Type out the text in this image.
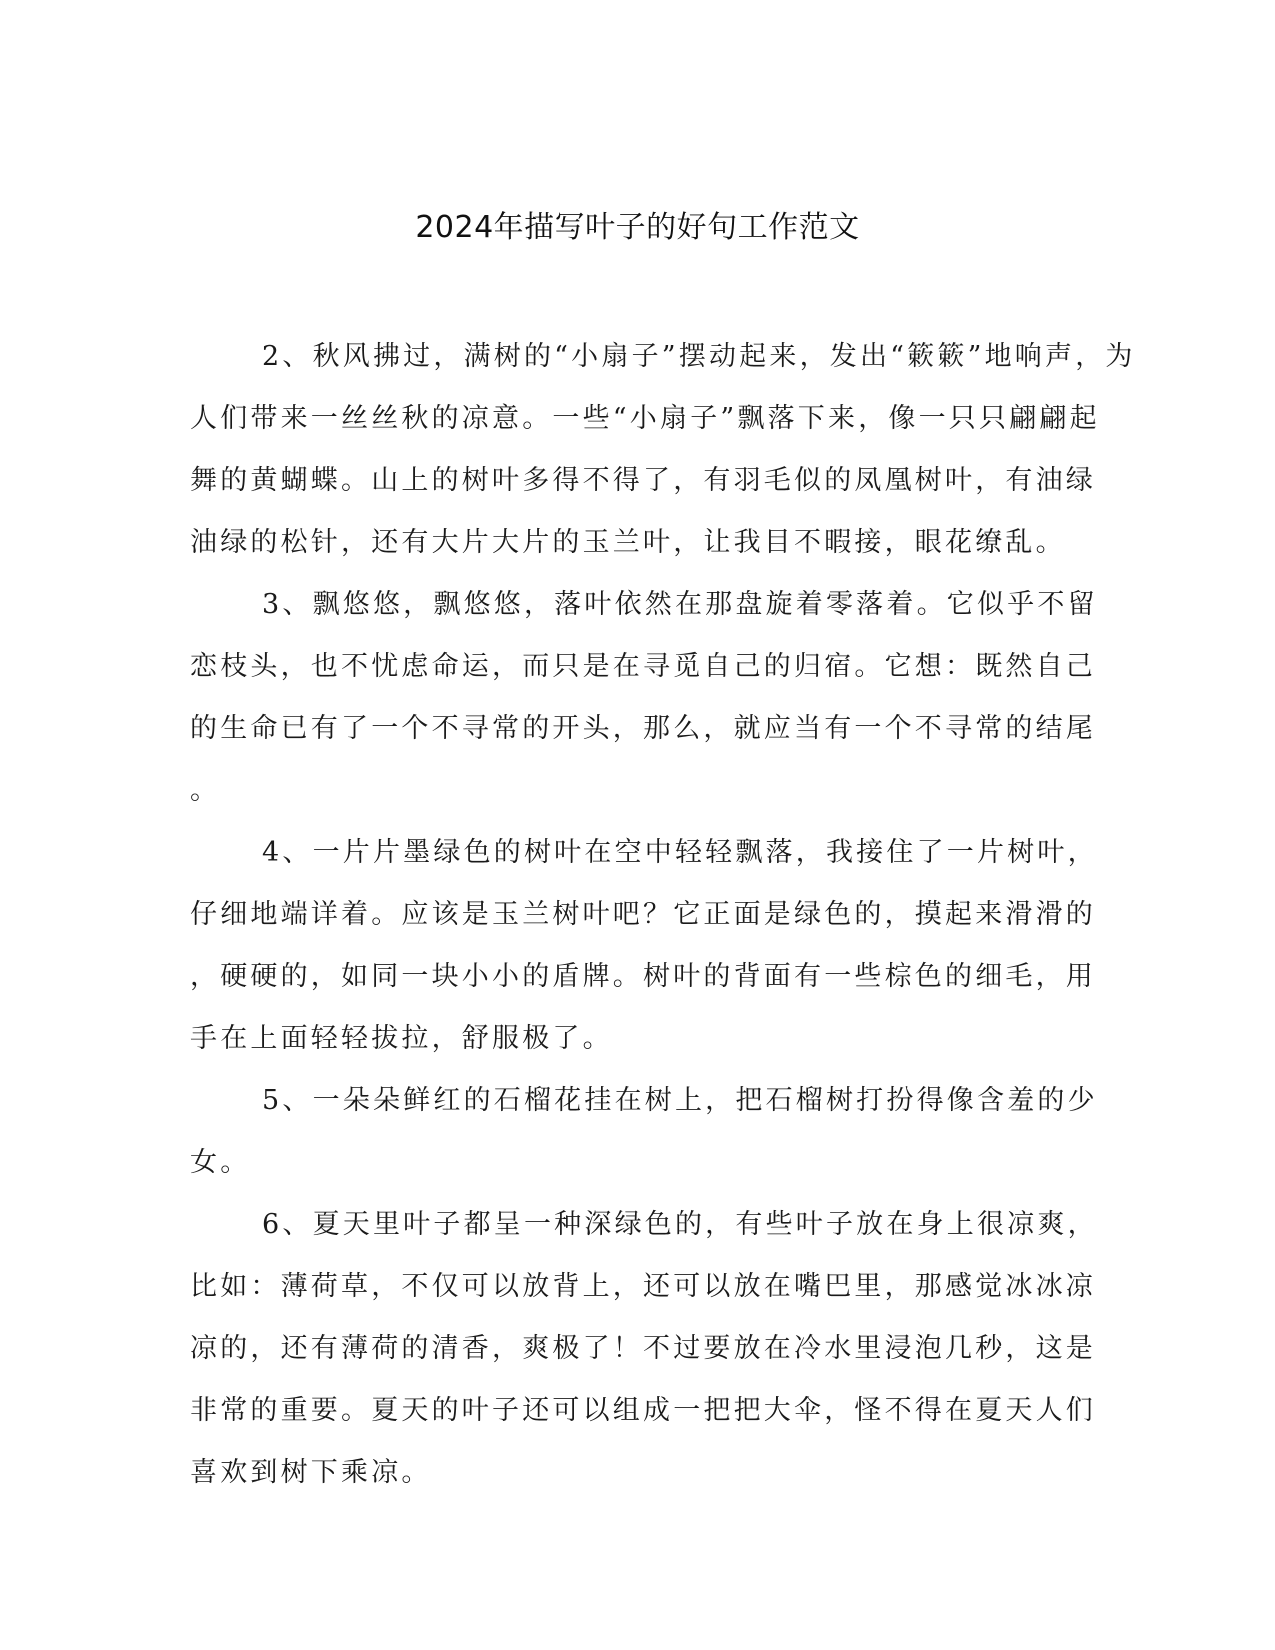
2024年描写叶子的好句工作范文
2、秋风拂过，满树的“小扇子”摆动起来，发出“簌簌”地响声，为
人们带来一丝丝秋的凉意。一些“小扇子”飘落下来，像一只只翩翩起
舞的黄蝴蝶。山上的树叶多得不得了，有羽毛似的凤凰树叶，有油绿
油绿的松针，还有大片大片的玉兰叶，让我目不暇接，眼花缭乱。
3、飘悠悠，飘悠悠，落叶依然在那盘旋着零落着。它似乎不留
恋枝头，也不忧虑命运，而只是在寻觅自己的归宿。它想：既然自己
的生命已有了一个不寻常的开头，那么，就应当有一个不寻常的结尾
。
4、一片片墨绿色的树叶在空中轻轻飘落，我接住了一片树叶，
仔细地端详着。应该是玉兰树叶吧？它正面是绿色的，摸起来滑滑的
，硬硬的，如同一块小小的盾牌。树叶的背面有一些棕色的细毛，用
手在上面轻轻拔拉，舒服极了。
5、一朵朵鲜红的石榴花挂在树上，把石榴树打扮得像含羞的少
女。
6、夏天里叶子都呈一种深绿色的，有些叶子放在身上很凉爽，
比如：薄荷草，不仅可以放背上，还可以放在嘴巴里，那感觉冰冰凉
凉的，还有薄荷的清香，爽极了！不过要放在冷水里浸泡几秒，这是
非常的重要。夏天的叶子还可以组成一把把大伞，怪不得在夏天人们
喜欢到树下乘凉。
